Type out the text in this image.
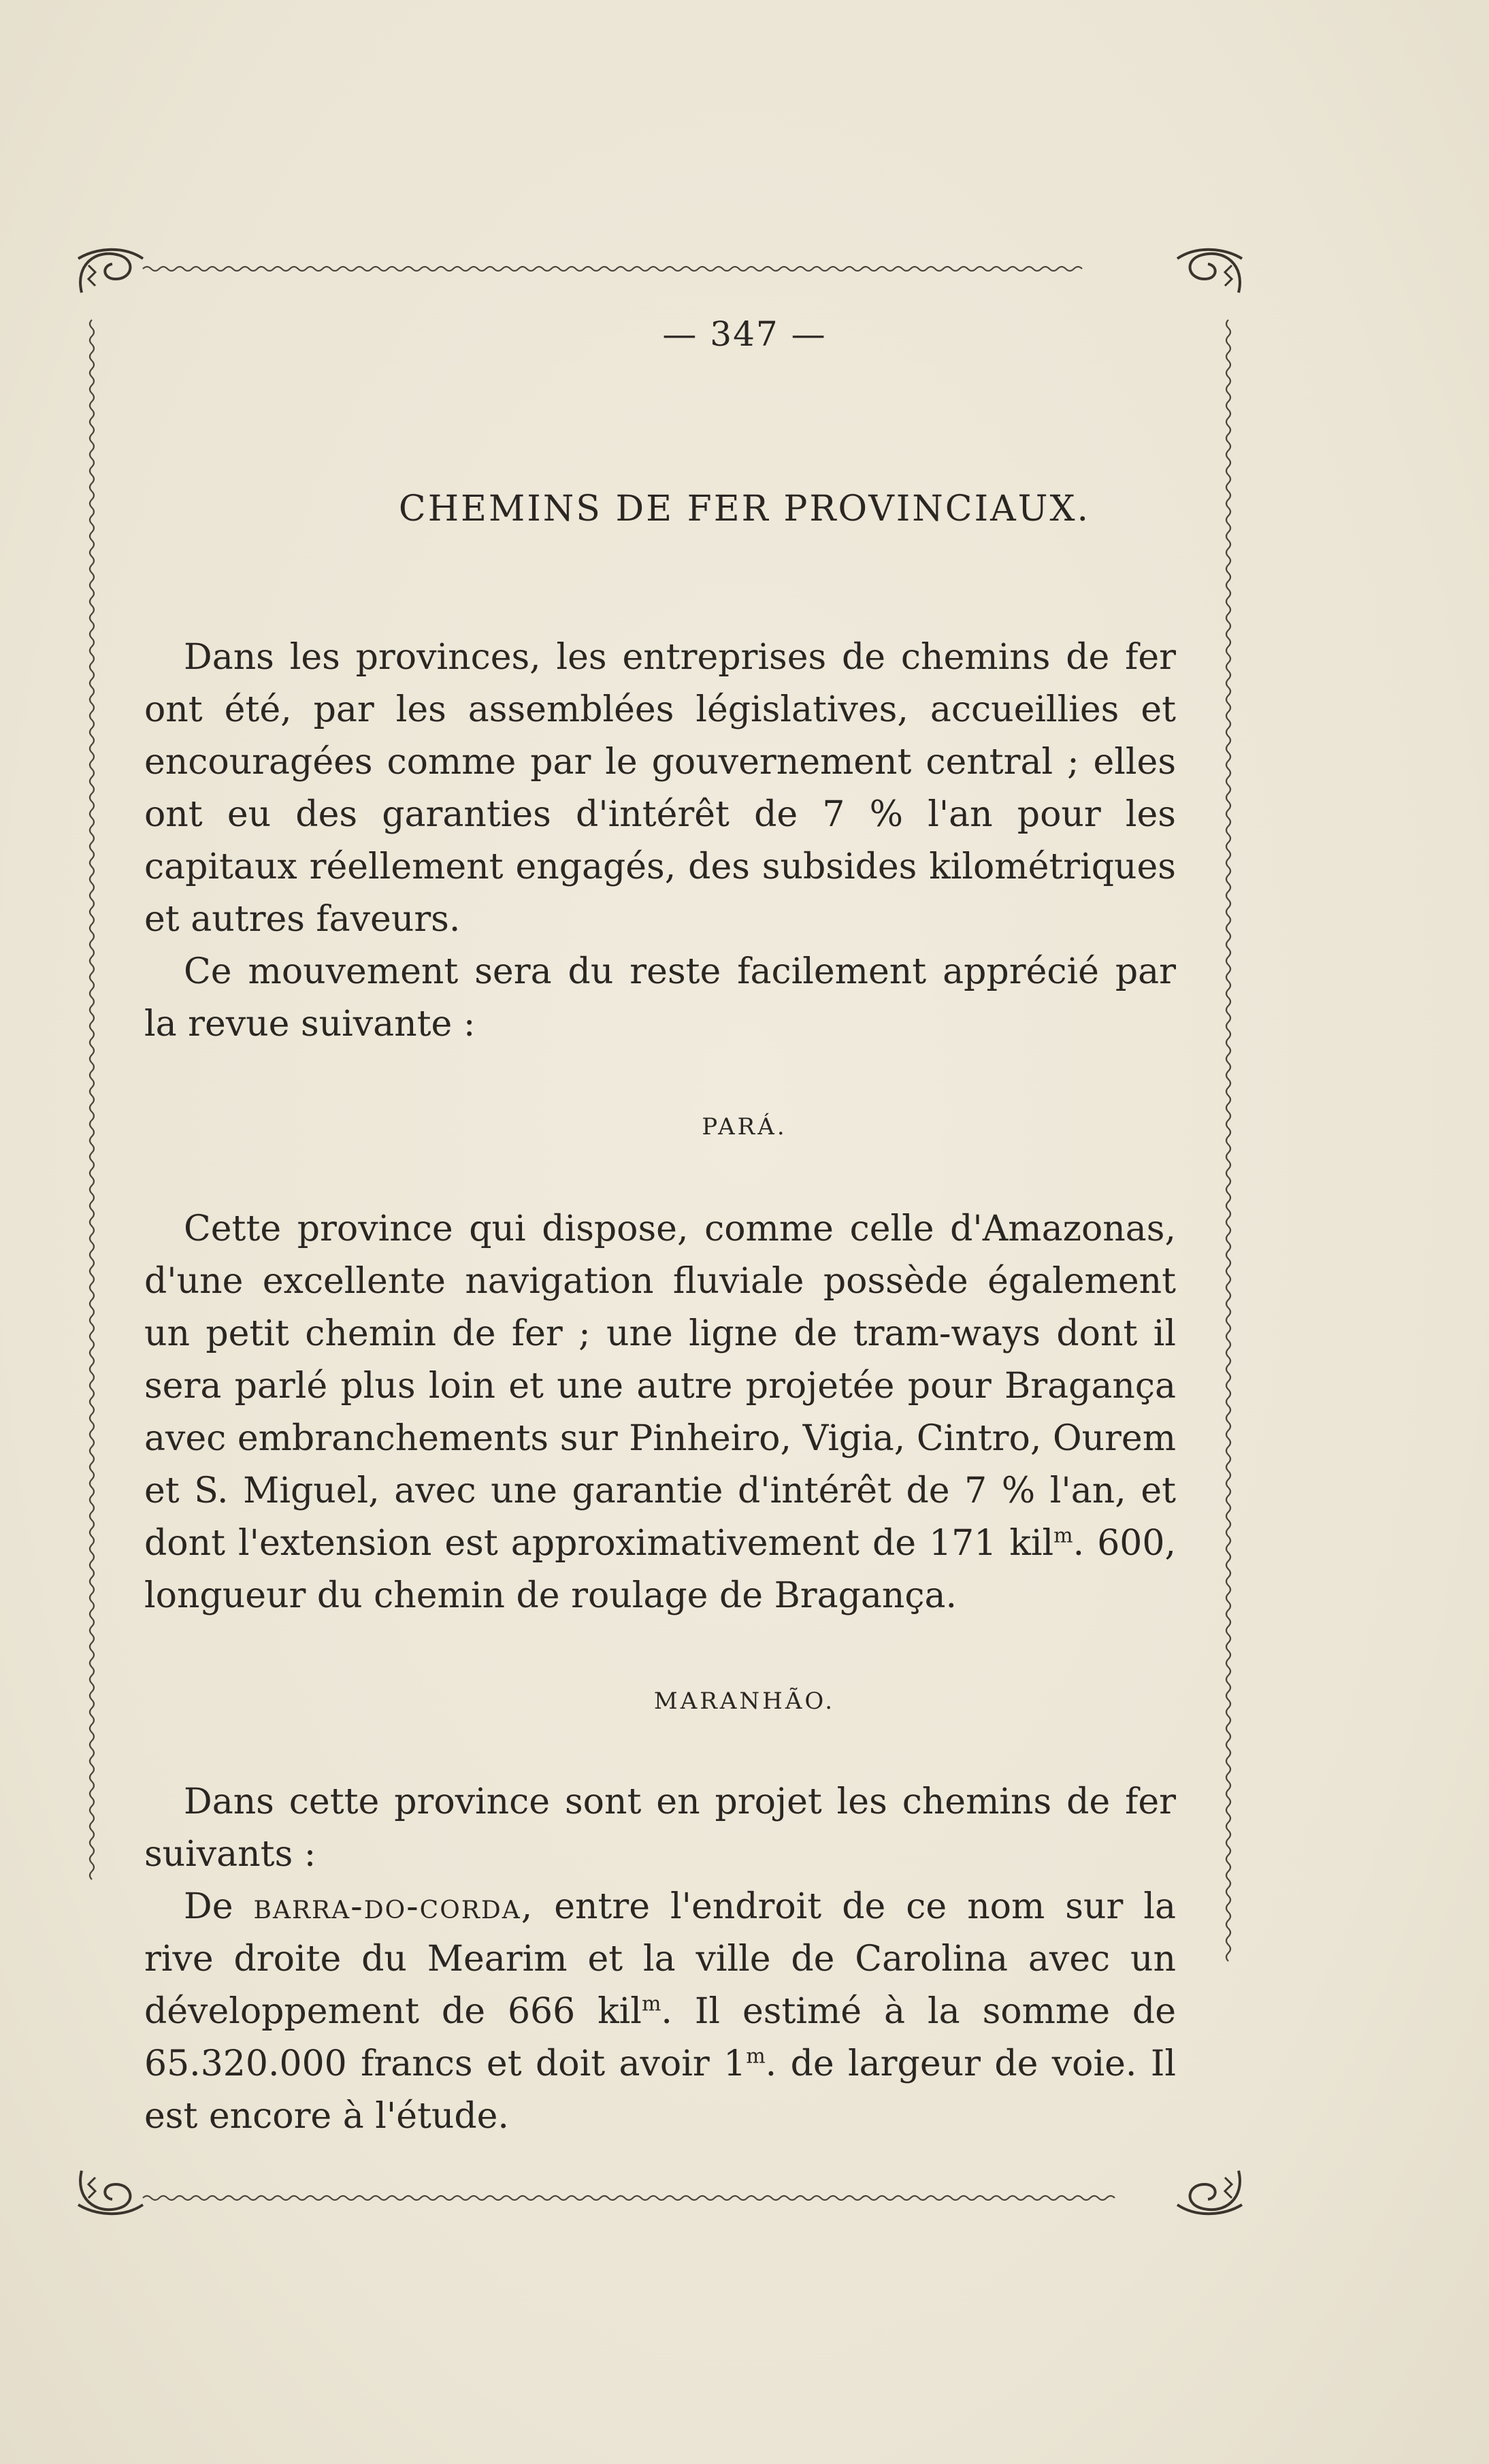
— 347 —
CHEMINS DE FER PROVINCIAUX.

Dans les provinces, les entreprises de chemins de fer ont été, par les assemblées législatives, accueillies et encouragées comme par le gouvernement central ; elles ont eu des garanties d'intérêt de 7 % l'an pour les capitaux réellement engagés, des subsides kilométriques et autres faveurs.

Ce mouvement sera du reste facilement apprécié par la revue suivante :

PARÁ.

Cette province qui dispose, comme celle d'Amazonas, d'une excellente navigation fluviale possède également un petit chemin de fer ; une ligne de tram-ways dont il sera parlé plus loin et une autre projetée pour Bragança avec embranchements sur Pinheiro, Vigia, Cintro, Ourem et S. Miguel, avec une garantie d'intérêt de 7 % l'an, et dont l'extension est approximativement de 171 kil$^m$. 600, longueur du chemin de roulage de Bragança.

MARANHÃO.

Dans cette province sont en projet les chemins de fer suivants :

De barra-do-corda, entre l'endroit de ce nom sur la rive droite du Mearim et la ville de Carolina avec un développement de 666 kil$^m$. Il estimé à la somme de 65.320.000 francs et doit avoir 1$^m$. de largeur de voie. Il est encore à l'étude.
